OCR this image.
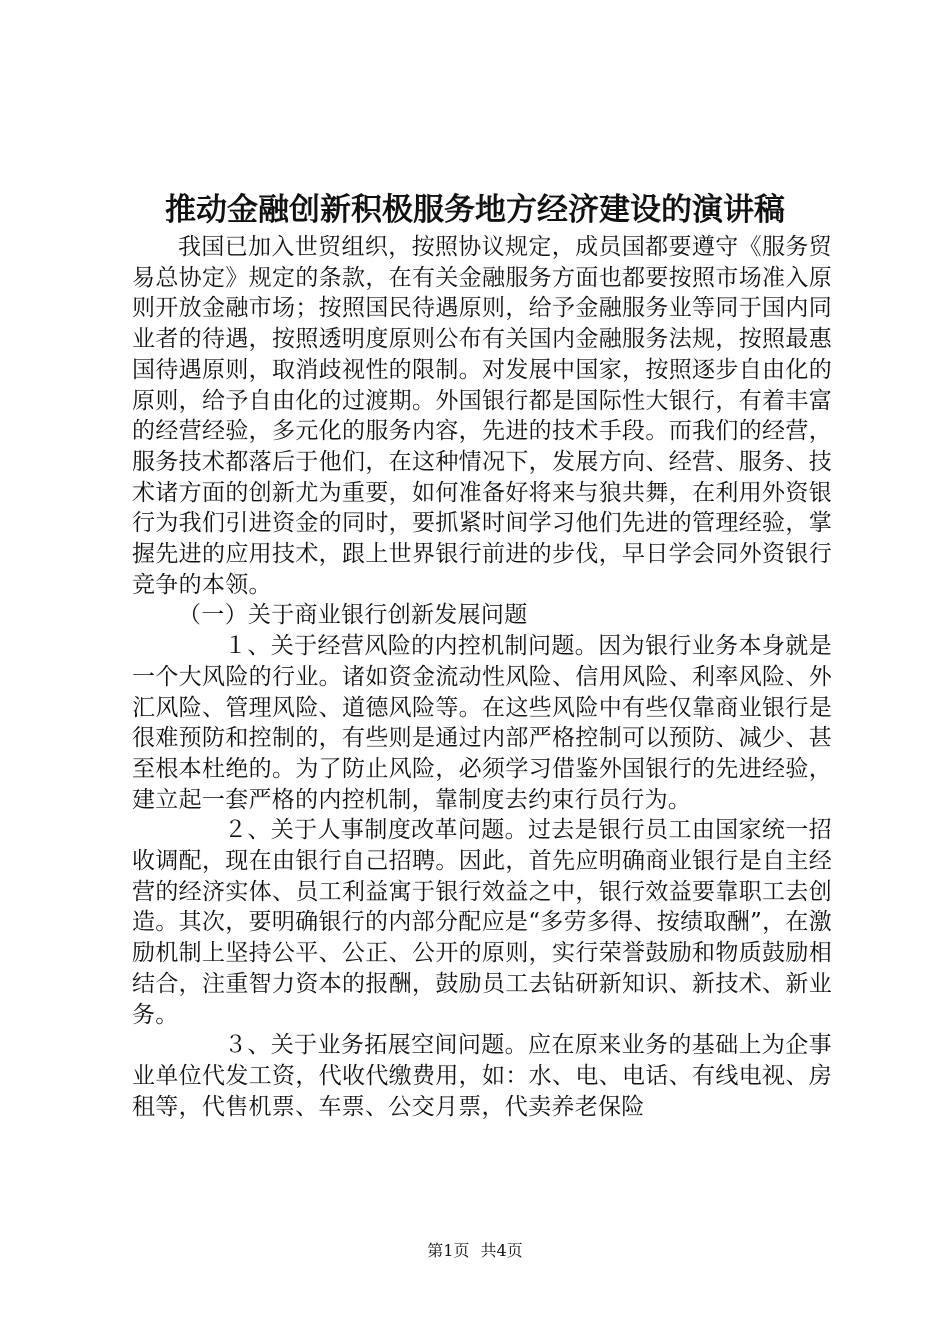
推动金融创新积极服务地方经济建设的演讲稿

我国已加入世贸组织，按照协议规定，成员国都要遵守《服务贸易总协定》规定的条款，在有关金融服务方面也都要按照市场准入原则开放金融市场；按照国民待遇原则，给予金融服务业等同于国内同业者的待遇，按照透明度原则公布有关国内金融服务法规，按照最惠国待遇原则，取消歧视性的限制。对发展中国家，按照逐步自由化的原则，给予自由化的过渡期。外国银行都是国际性大银行，有着丰富的经营经验，多元化的服务内容，先进的技术手段。而我们的经营，服务技术都落后于他们，在这种情况下，发展方向、经营、服务、技术诸方面的创新尤为重要，如何准备好将来与狼共舞，在利用外资银行为我们引进资金的同时，要抓紧时间学习他们先进的管理经验，掌握先进的应用技术，跟上世界银行前进的步伐，早日学会同外资银行竞争的本领。

（一）关于商业银行创新发展问题

１、关于经营风险的内控机制问题。因为银行业务本身就是一个大风险的行业。诸如资金流动性风险、信用风险、利率风险、外汇风险、管理风险、道德风险等。在这些风险中有些仅靠商业银行是很难预防和控制的，有些则是通过内部严格控制可以预防、减少、甚至根本杜绝的。为了防止风险，必须学习借鉴外国银行的先进经验，建立起一套严格的内控机制，靠制度去约束行员行为。

２、关于人事制度改革问题。过去是银行员工由国家统一招收调配，现在由银行自己招聘。因此，首先应明确商业银行是自主经营的经济实体、员工利益寓于银行效益之中，银行效益要靠职工去创造。其次，要明确银行的内部分配应是“多劳多得、按绩取酬”，在激励机制上坚持公平、公正、公开的原则，实行荣誉鼓励和物质鼓励相结合，注重智力资本的报酬，鼓励员工去钻研新知识、新技术、新业务。

３、关于业务拓展空间问题。应在原来业务的基础上为企事业单位代发工资，代收代缴费用，如：水、电、电话、有线电视、房租等，代售机票、车票、公交月票，代卖养老保险

第1页 共4页
